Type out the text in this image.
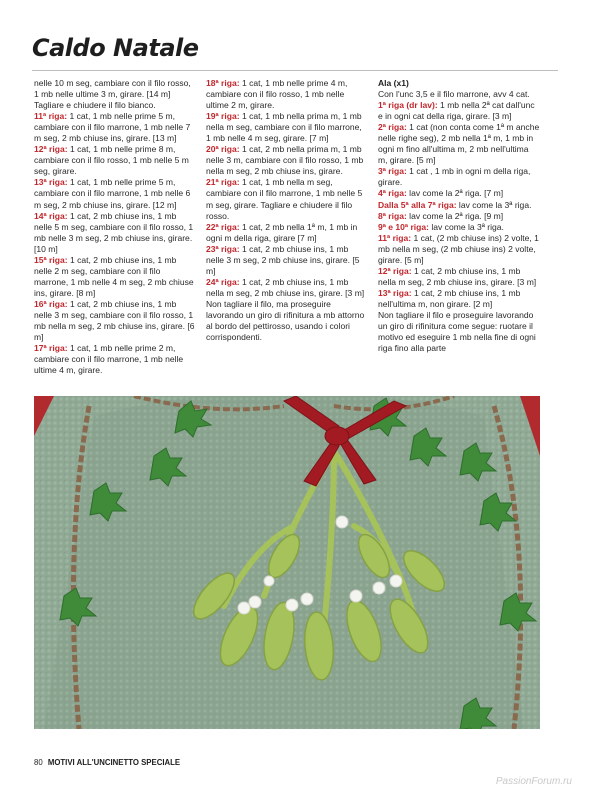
Caldo Natale

nelle 10 m seg, cambiare con il filo rosso, 1 mb nelle ultime 3 m, girare. [14 m] Tagliare e chiudere il filo bianco.

11ª riga: 1 cat, 1 mb nelle prime 5 m, cambiare con il filo marrone, 1 mb nelle 7 m seg, 2 mb chiuse ins, girare. [13 m]

12ª riga: 1 cat, 1 mb nelle prime 8 m, cambiare con il filo rosso, 1 mb nelle 5 m seg, girare.

13ª riga: 1 cat, 1 mb nelle prime 5 m, cambiare con il filo marrone, 1 mb nelle 6 m seg, 2 mb chiuse ins, girare. [12 m]

14ª riga: 1 cat, 2 mb chiuse ins, 1 mb nelle 5 m seg, cambiare con il filo rosso, 1 mb nelle 3 m seg, 2 mb chiuse ins, girare. [10 m]

15ª riga: 1 cat, 2 mb chiuse ins, 1 mb nelle 2 m seg, cambiare con il filo marrone, 1 mb nelle 4 m seg, 2 mb chiuse ins, girare. [8 m]

16ª riga: 1 cat, 2 mb chiuse ins, 1 mb nelle 3 m seg, cambiare con il filo rosso, 1 mb nella m seg, 2 mb chiuse ins, girare. [6 m]

17ª riga: 1 cat, 1 mb nelle prime 2 m, cambiare con il filo marrone, 1 mb nelle ultime 4 m, girare.

18ª riga: 1 cat, 1 mb nelle prime 4 m, cambiare con il filo rosso, 1 mb nelle ultime 2 m, girare.

19ª riga: 1 cat, 1 mb nella prima m, 1 mb nella m seg, cambiare con il filo marrone, 1 mb nelle 4 m seg, girare. [7 m]

20ª riga: 1 cat, 2 mb nella prima m, 1 mb nelle 3 m, cambiare con il filo rosso, 1 mb nella m seg, 2 mb chiuse ins, girare.

21ª riga: 1 cat, 1 mb nella m seg, cambiare con il filo marrone, 1 mb nelle 5 m seg, girare. Tagliare e chiudere il filo rosso.

22ª riga: 1 cat, 2 mb nella 1ª m, 1 mb in ogni m della riga, girare [7 m]

23ª riga: 1 cat, 2 mb chiuse ins, 1 mb nelle 3 m seg, 2 mb chiuse ins, girare. [5 m]

24ª riga: 1 cat, 2 mb chiuse ins, 1 mb nella m seg, 2 mb chiuse ins, girare. [3 m]

Non tagliare il filo, ma proseguire lavorando un giro di rifinitura a mb attorno al bordo del pettirosso, usando i colori corrispondenti.

Ala (x1)

Con l'unc 3,5 e il filo marrone, avv 4 cat.

1ª riga (dr lav): 1 mb nella 2ª cat dall'unc e in ogni cat della riga, girare. [3 m]

2ª riga: 1 cat (non conta come 1ª m anche nelle righe seg), 2 mb nella 1ª m, 1 mb in ogni m fino all'ultima m, 2 mb nell'ultima m, girare. [5 m]

3ª riga: 1 cat , 1 mb in ogni m della riga, girare.

4ª riga: lav come la 2ª riga. [7 m]

Dalla 5ª alla 7ª riga: lav come la 3ª riga.

8ª riga: lav come la 2ª riga. [9 m]

9ª e 10ª riga: lav come la 3ª riga.

11ª riga: 1 cat, (2 mb chiuse ins) 2 volte, 1 mb nella m seg, (2 mb chiuse ins) 2 volte, girare. [5 m]

12ª riga: 1 cat, 2 mb chiuse ins, 1 mb nella m seg, 2 mb chiuse ins, girare. [3 m]

13ª riga: 1 cat, 2 mb chiuse ins, 1 mb nell'ultima m, non girare. [2 m]

Non tagliare il filo e proseguire lavorando un giro di rifinitura come segue: ruotare il motivo ed eseguire 1 mb nella fine di ogni riga fino alla parte

80 MOTIVI ALL'UNCINETTO SPECIALE
PassionForum.ru
